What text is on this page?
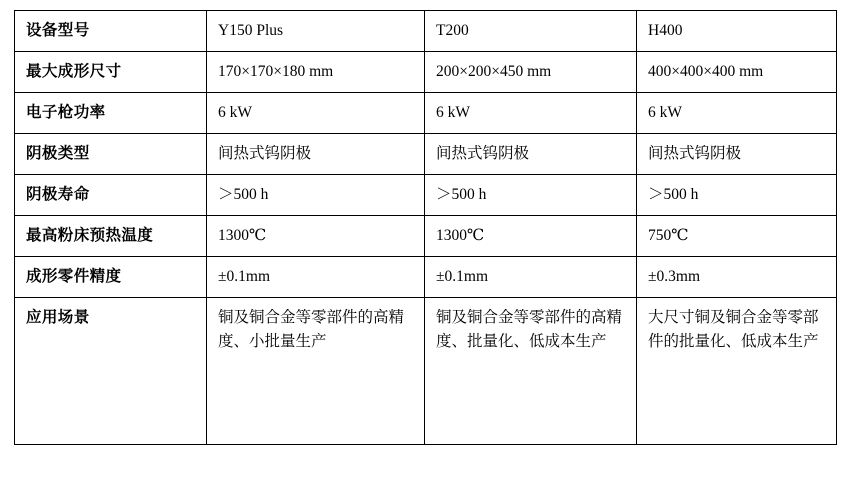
设备型号	Y150 Plus	T200	H400
最大成形尺寸	170×170×180 mm	200×200×450 mm	400×400×400 mm
电子枪功率	6 kW	6 kW	6 kW
阴极类型	间热式钨阴极	间热式钨阴极	间热式钨阴极
阴极寿命	＞500 h	＞500 h	＞500 h
最高粉床预热温度	1300℃	1300℃	750℃
成形零件精度	±0.1mm	±0.1mm	±0.3mm
应用场景	铜及铜合金等零部件的高精度、小批量生产	铜及铜合金等零部件的高精度、批量化、低成本生产	大尺寸铜及铜合金等零部件的批量化、低成本生产
